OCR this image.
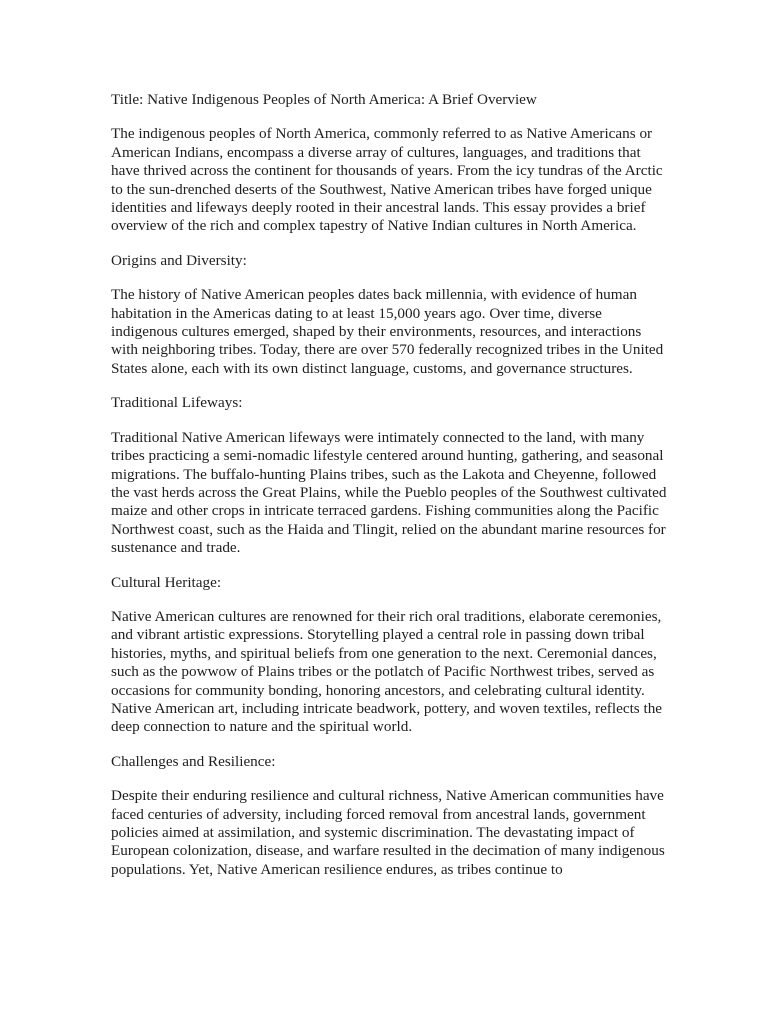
Title: Native Indigenous Peoples of North America: A Brief Overview

The indigenous peoples of North America, commonly referred to as Native Americans or American Indians, encompass a diverse array of cultures, languages, and traditions that have thrived across the continent for thousands of years. From the icy tundras of the Arctic to the sun-drenched deserts of the Southwest, Native American tribes have forged unique identities and lifeways deeply rooted in their ancestral lands. This essay provides a brief overview of the rich and complex tapestry of Native Indian cultures in North America.

Origins and Diversity:

The history of Native American peoples dates back millennia, with evidence of human habitation in the Americas dating to at least 15,000 years ago. Over time, diverse indigenous cultures emerged, shaped by their environments, resources, and interactions with neighboring tribes. Today, there are over 570 federally recognized tribes in the United States alone, each with its own distinct language, customs, and governance structures.

Traditional Lifeways:

Traditional Native American lifeways were intimately connected to the land, with many tribes practicing a semi-nomadic lifestyle centered around hunting, gathering, and seasonal migrations. The buffalo-hunting Plains tribes, such as the Lakota and Cheyenne, followed the vast herds across the Great Plains, while the Pueblo peoples of the Southwest cultivated maize and other crops in intricate terraced gardens. Fishing communities along the Pacific Northwest coast, such as the Haida and Tlingit, relied on the abundant marine resources for sustenance and trade.

Cultural Heritage:

Native American cultures are renowned for their rich oral traditions, elaborate ceremonies, and vibrant artistic expressions. Storytelling played a central role in passing down tribal histories, myths, and spiritual beliefs from one generation to the next. Ceremonial dances, such as the powwow of Plains tribes or the potlatch of Pacific Northwest tribes, served as occasions for community bonding, honoring ancestors, and celebrating cultural identity. Native American art, including intricate beadwork, pottery, and woven textiles, reflects the deep connection to nature and the spiritual world.

Challenges and Resilience:

Despite their enduring resilience and cultural richness, Native American communities have faced centuries of adversity, including forced removal from ancestral lands, government policies aimed at assimilation, and systemic discrimination. The devastating impact of European colonization, disease, and warfare resulted in the decimation of many indigenous populations. Yet, Native American resilience endures, as tribes continue to
